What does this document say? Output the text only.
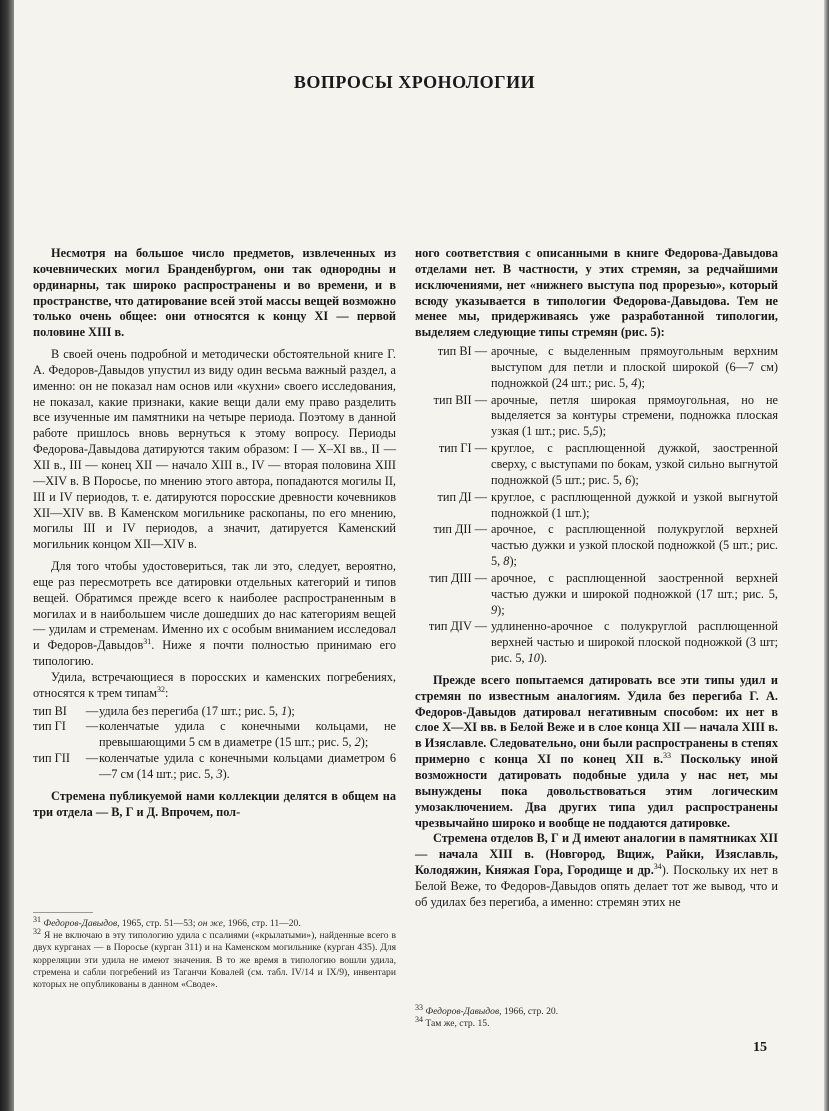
ВОПРОСЫ ХРОНОЛОГИИ

Несмотря на большое число предметов, извлеченных из кочевнических могил Бранденбургом, они так однородны и ординарны, так широко распространены и во времени, и в пространстве, что датирование всей этой массы вещей возможно только очень общее: они относятся к концу XI — первой половине XIII в.

В своей очень подробной и методически обстоятельной книге Г. А. Федоров-Давыдов упустил из виду один весьма важный раздел, а именно: он не показал нам основ или «кухни» своего исследования, не показал, какие признаки, какие вещи дали ему право разделить все изученные им памятники на четыре периода. Поэтому в данной работе пришлось вновь вернуться к этому вопросу. Периоды Федорова-Давыдова датируются таким образом: I — X–XI вв., II — XII в., III — конец XII — начало XIII в., IV — вторая половина XIII—XIV в. В Поросье, по мнению этого автора, попадаются могилы II, III и IV периодов, т. е. датируются поросские древности кочевников XII—XIV вв. В Каменском могильнике раскопаны, по его мнению, могилы III и IV периодов, а значит, датируется Каменский могильник концом XII—XIV в.

Для того чтобы удостовериться, так ли это, следует, вероятно, еще раз пересмотреть все датировки отдельных категорий и типов вещей. Обратимся прежде всего к наиболее распространенным в могилах и в наибольшем числе дошедших до нас категориям вещей — удилам и стременам. Именно их с особым вниманием исследовал и Федоров-Давыдов$^{31}$. Ниже я почти полностью принимаю его типологию.

Удила, встречающиеся в поросских и каменских погребениях, относятся к трем типам$^{32}$:

тип BI	— удила без перегиба (17 шт.; рис. 5, 1);
тип ГI	— коленчатые удила с конечными кольцами, не превышающими 5 см в диаметре (15 шт.; рис. 5, 2);
тип ГII	— коленчатые удила с конечными кольцами диаметром 6—7 см (14 шт.; рис. 5, 3).

Стремена публикуемой нами коллекции делятся в общем на три отдела — В, Г и Д. Впрочем, пол-

ного соответствия с описанными в книге Федорова-Давыдова отделами нет. В частности, у этих стремян, за редчайшими исключениями, нет «нижнего выступа под прорезью», который всюду указывается в типологии Федорова-Давыдова. Тем не менее мы, придерживаясь уже разработанной типологии, выделяем следующие типы стремян (рис. 5):

тип BI — арочные, с выделенным прямоугольным верхним выступом для петли и плоской широкой (6—7 см) подножкой (24 шт.; рис. 5, 4);
тип BII — арочные, петля широкая прямоугольная, но не выделяется за контуры стремени, подножка плоская узкая (1 шт.; рис. 5,5);
тип ГI — круглое, с расплющенной дужкой, заостренной сверху, с выступами по бокам, узкой сильно выгнутой подножкой (5 шт.; рис. 5, 6);
тип ДI — круглое, с расплющенной дужкой и узкой выгнутой подножкой (1 шт.);
тип ДII — арочное, с расплющенной полукруглой верхней частью дужки и узкой плоской подножкой (5 шт.; рис. 5, 8);
тип ДIII — арочное, с расплющенной заостренной верхней частью дужки и широкой подножкой (17 шт.; рис. 5, 9);
тип ДIV — удлиненно-арочное с полукруглой расплющенной верхней частью и широкой плоской подножкой (3 шт; рис. 5, 10).

Прежде всего попытаемся датировать все эти типы удил и стремян по известным аналогиям. Удила без перегиба Г. А. Федоров-Давыдов датировал негативным способом: их нет в слое X—XI вв. в Белой Веже и в слое конца XII — начала XIII в. в Изяславле. Следовательно, они были распространены в степях примерно с конца XI по конец XII в.$^{33}$ Поскольку иной возможности датировать подобные удила у нас нет, мы вынуждены пока довольствоваться этим логическим умозаключением. Два других типа удил распространены чрезвычайно широко и вообще не поддаются датировке.

Стремена отделов В, Г и Д имеют аналогии в памятниках XII — начала XIII в. (Новгород, Вщиж, Райки, Изяславль, Колодяжин, Княжая Гора, Городище и др.$^{34}$). Поскольку их нет в Белой Веже, то Федоров-Давыдов опять делает тот же вывод, что и об удилах без перегиба, а именно: стремян этих не

$^{31}$ Федоров-Давыдов, 1965, стр. 51—53; он же, 1966, стр. 11—20.

$^{32}$ Я не включаю в эту типологию удила с псалиями («крылатыми»), найденные всего в двух курганах — в Поросье (курган 311) и на Каменском могильнике (курган 435). Для корреляции эти удила не имеют значения. В то же время в типологию вошли удила, стремена и сабли погребений из Таганчи Ковалей (см. табл. IV/14 и IX/9), инвентари которых не опубликованы в данном «Своде».

$^{33}$ Федоров-Давыдов, 1966, стр. 20.

$^{34}$ Там же, стр. 15.

15
